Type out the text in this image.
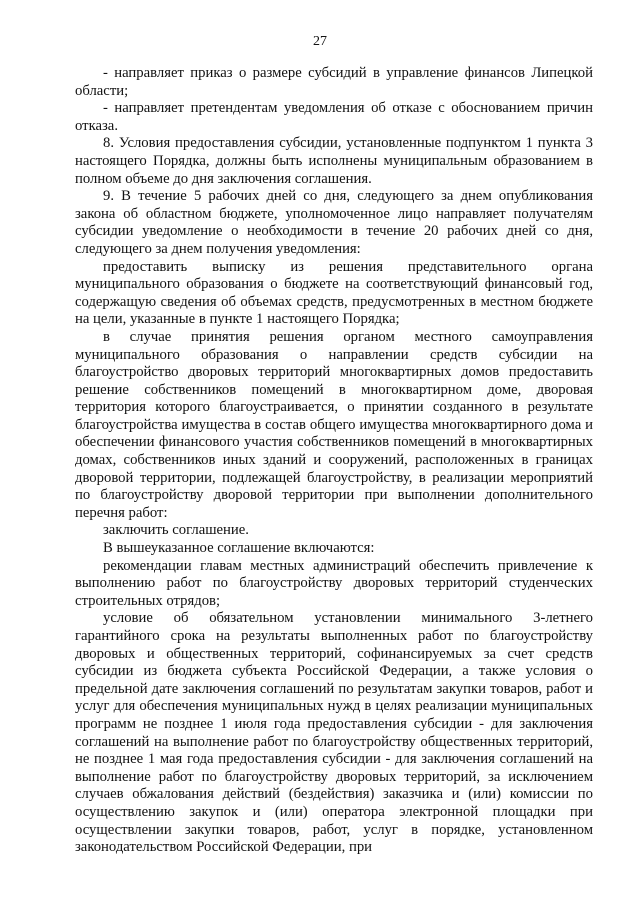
27

- направляет приказ о размере субсидий в управление финансов Липецкой области;

- направляет претендентам уведомления об отказе с обоснованием причин отказа.

8. Условия предоставления субсидии, установленные подпунктом 1 пункта 3 настоящего Порядка, должны быть исполнены муниципальным образованием в полном объеме до дня заключения соглашения.

9. В течение 5 рабочих дней со дня, следующего за днем опубликования закона об областном бюджете, уполномоченное лицо направляет получателям субсидии уведомление о необходимости в течение 20 рабочих дней со дня, следующего за днем получения уведомления:

предоставить выписку из решения представительного органа муниципального образования о бюджете на соответствующий финансовый год, содержащую сведения об объемах средств, предусмотренных в местном бюджете на цели, указанные в пункте 1 настоящего Порядка;

в случае принятия решения органом местного самоуправления муниципального образования о направлении средств субсидии на благоустройство дворовых территорий многоквартирных домов предоставить решение собственников помещений в многоквартирном доме, дворовая территория которого благоустраивается, о принятии созданного в результате благоустройства имущества в состав общего имущества многоквартирного дома и обеспечении финансового участия собственников помещений в многоквартирных домах, собственников иных зданий и сооружений, расположенных в границах дворовой территории, подлежащей благоустройству, в реализации мероприятий по благоустройству дворовой территории при выполнении дополнительного перечня работ:

заключить соглашение.

В вышеуказанное соглашение включаются:

рекомендации главам местных администраций обеспечить привлечение к выполнению работ по благоустройству дворовых территорий студенческих строительных отрядов;

условие об обязательном установлении минимального 3-летнего гарантийного срока на результаты выполненных работ по благоустройству дворовых и общественных территорий, софинансируемых за счет средств субсидии из бюджета субъекта Российской Федерации, а также условия о предельной дате заключения соглашений по результатам закупки товаров, работ и услуг для обеспечения муниципальных нужд в целях реализации муниципальных программ не позднее 1 июля года предоставления субсидии - для заключения соглашений на выполнение работ по благоустройству общественных территорий, не позднее 1 мая года предоставления субсидии - для заключения соглашений на выполнение работ по благоустройству дворовых территорий, за исключением случаев обжалования действий (бездействия) заказчика и (или) комиссии по осуществлению закупок и (или) оператора электронной площадки при осуществлении закупки товаров, работ, услуг в порядке, установленном законодательством Российской Федерации, при
